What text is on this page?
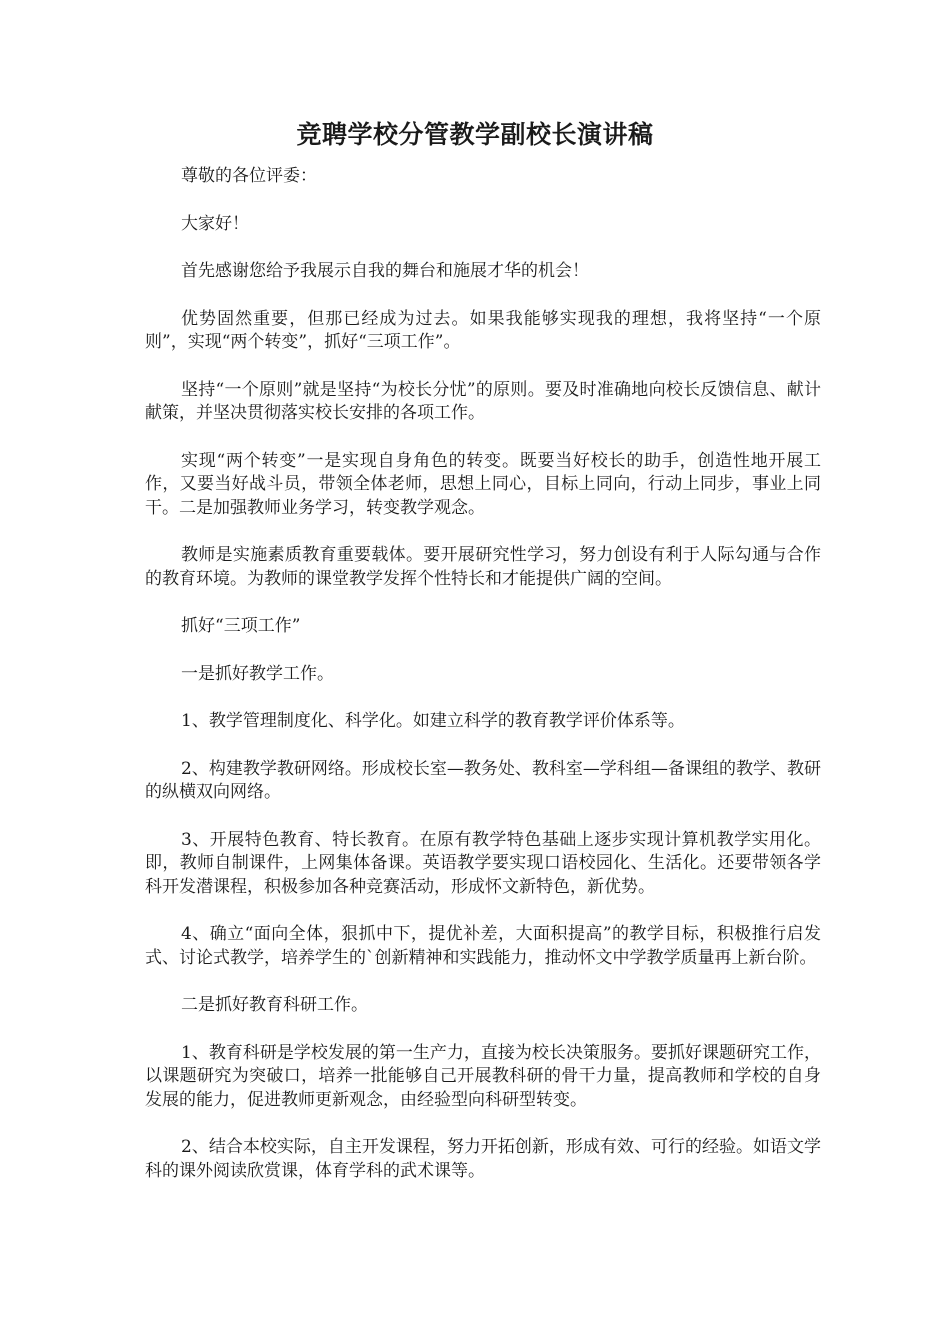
竞聘学校分管教学副校长演讲稿

尊敬的各位评委：

大家好！

首先感谢您给予我展示自我的舞台和施展才华的机会！

优势固然重要，但那已经成为过去。如果我能够实现我的理想，我将坚持“一个原则”，实现“两个转变”，抓好“三项工作”。

坚持“一个原则”就是坚持“为校长分忧”的原则。要及时准确地向校长反馈信息、献计献策，并坚决贯彻落实校长安排的各项工作。

实现“两个转变”一是实现自身角色的转变。既要当好校长的助手，创造性地开展工作，又要当好战斗员，带领全体老师，思想上同心，目标上同向，行动上同步，事业上同干。二是加强教师业务学习，转变教学观念。

教师是实施素质教育重要载体。要开展研究性学习，努力创设有利于人际勾通与合作的教育环境。为教师的课堂教学发挥个性特长和才能提供广阔的空间。

抓好“三项工作”

一是抓好教学工作。

1、教学管理制度化、科学化。如建立科学的教育教学评价体系等。

2、构建教学教研网络。形成校长室—教务处、教科室—学科组—备课组的教学、教研的纵横双向网络。

3、开展特色教育、特长教育。在原有教学特色基础上逐步实现计算机教学实用化。即，教师自制课件，上网集体备课。英语教学要实现口语校园化、生活化。还要带领各学科开发潜课程，积极参加各种竞赛活动，形成怀文新特色，新优势。

4、确立“面向全体，狠抓中下，提优补差，大面积提高”的教学目标，积极推行启发式、讨论式教学，培养学生的`创新精神和实践能力，推动怀文中学教学质量再上新台阶。

二是抓好教育科研工作。

1、教育科研是学校发展的第一生产力，直接为校长决策服务。要抓好课题研究工作，以课题研究为突破口，培养一批能够自己开展教科研的骨干力量，提高教师和学校的自身发展的能力，促进教师更新观念，由经验型向科研型转变。

2、结合本校实际，自主开发课程，努力开拓创新，形成有效、可行的经验。如语文学科的课外阅读欣赏课，体育学科的武术课等。
